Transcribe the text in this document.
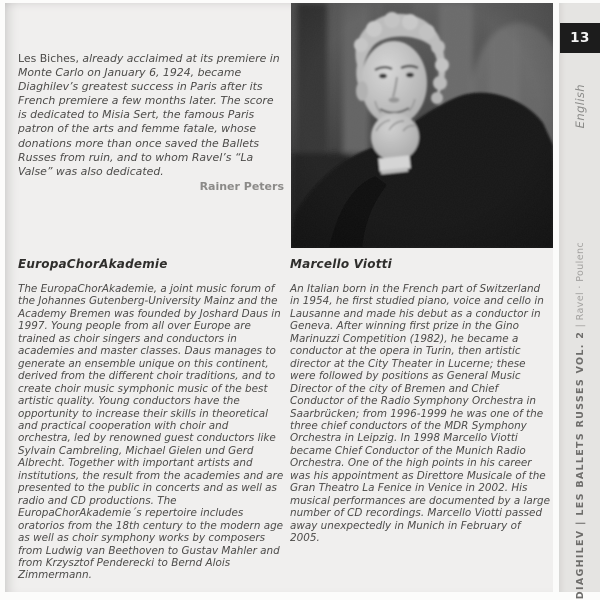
Les Biches, already acclaimed at its premiere in Monte Carlo on January 6, 1924, became Diaghilev’s greatest success in Paris after its French premiere a few months later. The score is dedicated to Misia Sert, the famous Paris patron of the arts and femme fatale, whose donations more than once saved the Ballets Russes from ruin, and to whom Ravel’s “La Valse” was also dedicated.
Rainer Peters
EuropaChorAkademie	Marcello Viotti
The EuropaChorAkademie, a joint music forum of the Johannes Gutenberg-University Mainz and the Academy Bremen was founded by Joshard Daus in 1997. Young people from all over Europe are trained as choir singers and conductors in academies and master classes. Daus manages to generate an ensemble unique on this continent, derived from the different choir traditions, and to create choir music symphonic music of the best artistic quality. Young conductors have the opportunity to increase their skills in theoretical and practical cooperation with choir and orchestra, led by renowned guest conductors like Sylvain Cambreling, Michael Gielen und Gerd Albrecht. Together with important artists and institutions, the result from the academies and are presented to the public in concerts and as well as radio and CD productions. The EuropaChorAkademie´s repertoire includes oratorios from the 18th century to the modern age as well as choir symphony works by composers from Ludwig van Beethoven to Gustav Mahler and from Krzysztof Penderecki to Bernd Alois Zimmermann.
An Italian born in the French part of Switzerland in 1954, he first studied piano, voice and cello in Lausanne and made his debut as a conductor in Geneva. After winning first prize in the Gino Marinuzzi Competition (1982), he became a conductor at the opera in Turin, then artistic director at the City Theater in Lucerne; these were followed by positions as General Music Director of the city of Bremen and Chief Conductor of the Radio Symphony Orchestra in Saarbrücken; from 1996-1999 he was one of the three chief conductors of the MDR Symphony Orchestra in Leipzig. In 1998 Marcello Viotti became Chief Conductor of the Munich Radio Orchestra. One of the high points in his career was his appointment as Direttore Musicale of the Gran Theatro La Fenice in Venice in 2002. His musical performances are documented by a large number of CD recordings. Marcello Viotti passed away unexpectedly in Munich in February of 2005.
13
English
DIAGHILEV | LES BALLETS RUSSES VOL. 2 | Ravel · Poulenc
